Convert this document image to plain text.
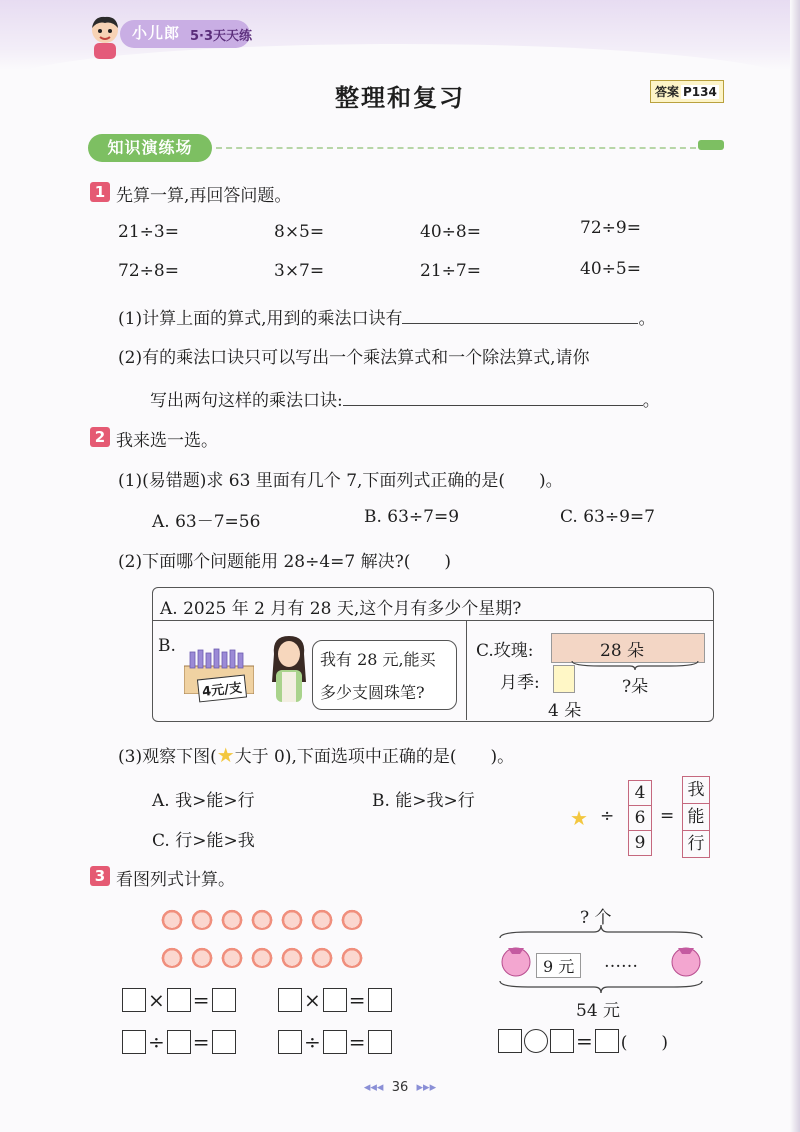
小儿郎 5·3天天练
整理和复习	答案 P134
知识演练场
1 先算一算,再回答问题。
21÷3=	8×5=	40÷8=	72÷9=
72÷8=	3×7=	21÷7=	40÷5=
(1)计算上面的算式,用到的乘法口诀有	。
(2)有的乘法口诀只可以写出一个乘法算式和一个除法算式,请你
写出两句这样的乘法口诀:	。
2 我来选一选。
(1)(易错题)求 63 里面有几个 7,下面列式正确的是(　　)。
A. 63－7=56	B. 63÷7=9	C. 63÷9=7
(2)下面哪个问题能用 28÷4=7 解决?(　　)
A. 2025 年 2 月有 28 天,这个月有多少个星期?
B.
4元/支
我有 28 元,能买
多少支圆珠笔?
C.玫瑰:	28 朵
月季:	?朵
4 朵
(3)观察下图(★大于 0),下面选项中正确的是(　　)。
A. 我>能>行	B. 能>我>行
C. 行>能>我
★ ÷
4
6
9
=
我
能
行
3 看图列式计算。
× =	× =
÷ =	÷ =
? 个
9 元	……
54 元
= (　　)
◂◂◂ 36 ▸▸▸
